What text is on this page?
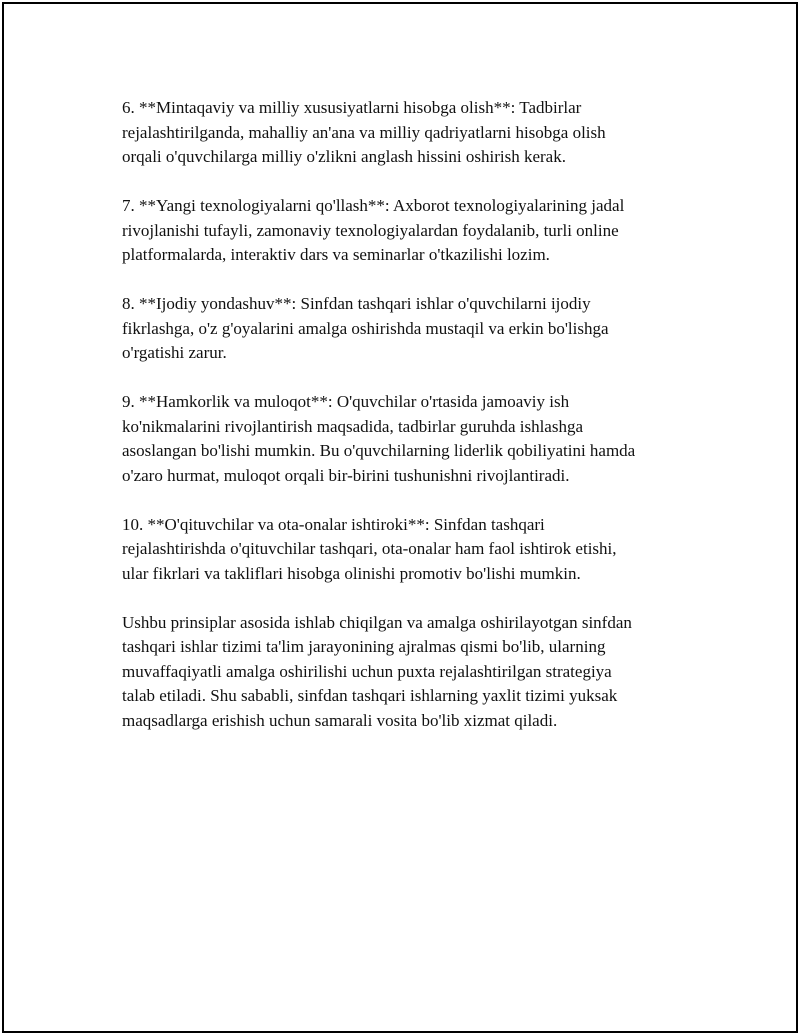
6. **Mintaqaviy va milliy xususiyatlarni hisobga olish**: Tadbirlar
rejalashtirilganda, mahalliy an'ana va milliy qadriyatlarni hisobga olish
orqali o'quvchilarga milliy o'zlikni anglash hissini oshirish kerak.

7. **Yangi texnologiyalarni qo'llash**: Axborot texnologiyalarining jadal
rivojlanishi tufayli, zamonaviy texnologiyalardan foydalanib, turli online
platformalarda, interaktiv dars va seminarlar o'tkazilishi lozim.

8. **Ijodiy yondashuv**: Sinfdan tashqari ishlar o'quvchilarni ijodiy
fikrlashga, o'z g'oyalarini amalga oshirishda mustaqil va erkin bo'lishga
o'rgatishi zarur.

9. **Hamkorlik va muloqot**: O'quvchilar o'rtasida jamoaviy ish
ko'nikmalarini rivojlantirish maqsadida, tadbirlar guruhda ishlashga
asoslangan bo'lishi mumkin. Bu o'quvchilarning liderlik qobiliyatini hamda
o'zaro hurmat, muloqot orqali bir-birini tushunishni rivojlantiradi.

10. **O'qituvchilar va ota-onalar ishtiroki**: Sinfdan tashqari
rejalashtirishda o'qituvchilar tashqari, ota-onalar ham faol ishtirok etishi,
ular fikrlari va takliflari hisobga olinishi promotiv bo'lishi mumkin.

Ushbu prinsiplar asosida ishlab chiqilgan va amalga oshirilayotgan sinfdan
tashqari ishlar tizimi ta'lim jarayonining ajralmas qismi bo'lib, ularning
muvaffaqiyatli amalga oshirilishi uchun puxta rejalashtirilgan strategiya
talab etiladi. Shu sababli, sinfdan tashqari ishlarning yaxlit tizimi yuksak
maqsadlarga erishish uchun samarali vosita bo'lib xizmat qiladi.
